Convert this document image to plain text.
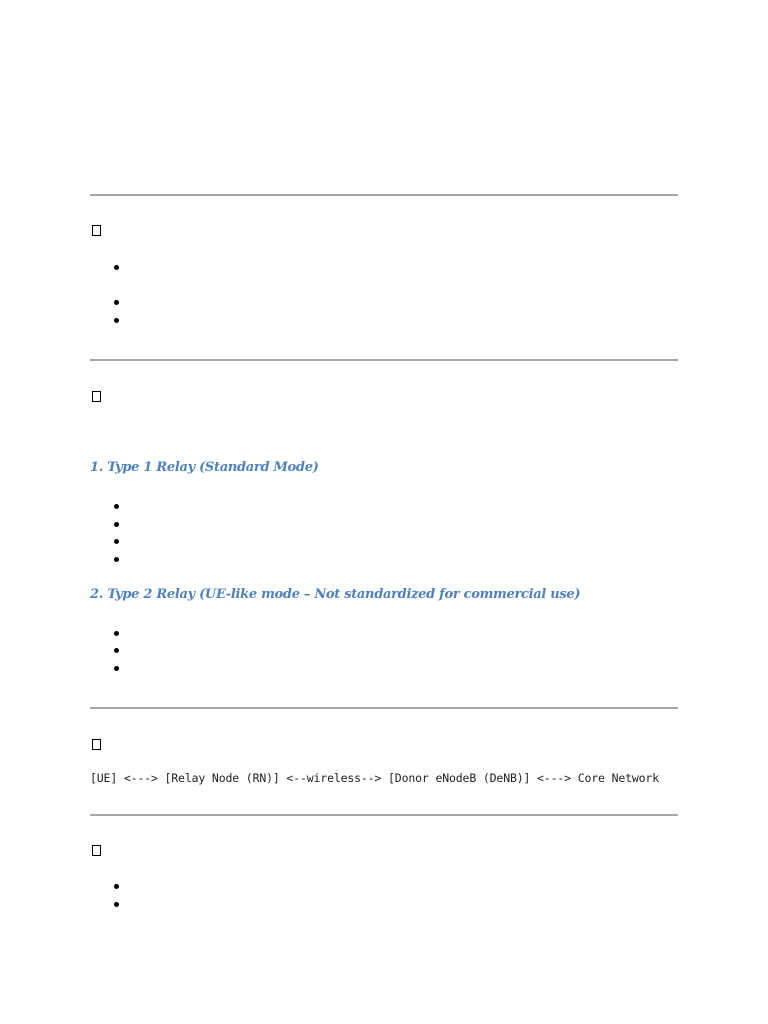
1. Type 1 Relay (Standard Mode)
2. Type 2 Relay (UE-like mode – Not standardized for commercial use)
[UE] <---> [Relay Node (RN)] <--wireless--> [Donor eNodeB (DeNB)] <---> Core Network
